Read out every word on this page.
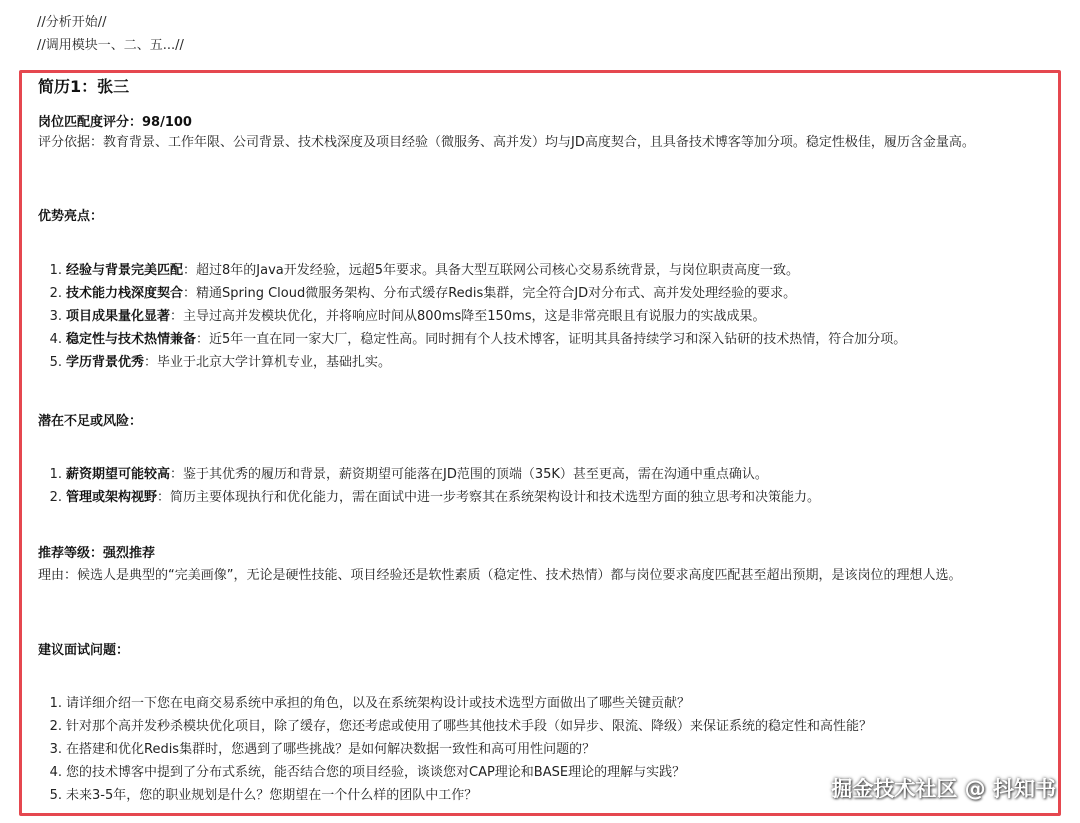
//分析开始//
//调用模块一、二、五...//
简历1：张三
岗位匹配度评分：98/100
评分依据：教育背景、工作年限、公司背景、技术栈深度及项目经验（微服务、高并发）均与JD高度契合，且具备技术博客等加分项。稳定性极佳，履历含金量高。
优势亮点：
1. 经验与背景完美匹配：超过8年的Java开发经验，远超5年要求。具备大型互联网公司核心交易系统背景，与岗位职责高度一致。
2. 技术能力栈深度契合：精通Spring Cloud微服务架构、分布式缓存Redis集群，完全符合JD对分布式、高并发处理经验的要求。
3. 项目成果量化显著：主导过高并发模块优化，并将响应时间从800ms降至150ms，这是非常亮眼且有说服力的实战成果。
4. 稳定性与技术热情兼备：近5年一直在同一家大厂，稳定性高。同时拥有个人技术博客，证明其具备持续学习和深入钻研的技术热情，符合加分项。
5. 学历背景优秀：毕业于北京大学计算机专业，基础扎实。
潜在不足或风险：
1. 薪资期望可能较高：鉴于其优秀的履历和背景，薪资期望可能落在JD范围的顶端（35K）甚至更高，需在沟通中重点确认。
2. 管理或架构视野：简历主要体现执行和优化能力，需在面试中进一步考察其在系统架构设计和技术选型方面的独立思考和决策能力。
推荐等级：强烈推荐
理由：候选人是典型的“完美画像”，无论是硬性技能、项目经验还是软性素质（稳定性、技术热情）都与岗位要求高度匹配甚至超出预期，是该岗位的理想人选。
建议面试问题：
1. 请详细介绍一下您在电商交易系统中承担的角色，以及在系统架构设计或技术选型方面做出了哪些关键贡献？
2. 针对那个高并发秒杀模块优化项目，除了缓存，您还考虑或使用了哪些其他技术手段（如异步、限流、降级）来保证系统的稳定性和高性能？
3. 在搭建和优化Redis集群时，您遇到了哪些挑战？是如何解决数据一致性和高可用性问题的？
4. 您的技术博客中提到了分布式系统，能否结合您的项目经验，谈谈您对CAP理论和BASE理论的理解与实践？
5. 未来3-5年，您的职业规划是什么？您期望在一个什么样的团队中工作？	掘金技术社区 @ 抖知书
